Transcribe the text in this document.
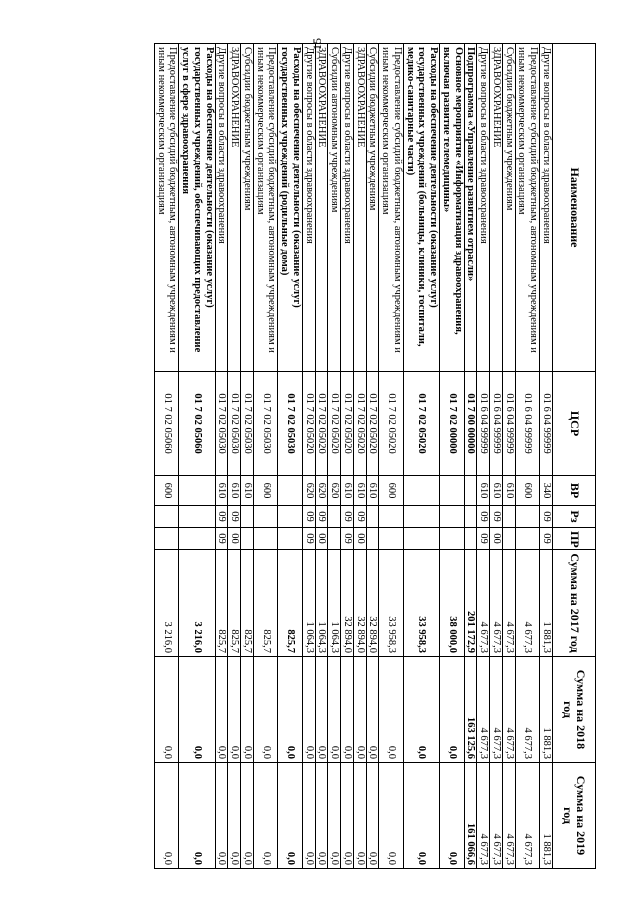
15
Наименование	ЦСР	ВР	Рз	ПР	Сумма на 2017 год	Сумма на 2018 год	Сумма на 2019 год
Другие вопросы в области здравоохранения	01 6 04 99999	340	09	09	1 881,3	1 881,3	1 881,3
Предоставление субсидий бюджетным, автономным учреждениям и иным некоммерческим организациям	01 6 04 99999	600			4 677,3	4 677,3	4 677,3
Субсидии бюджетным учреждениям	01 6 04 99999	610			4 677,3	4 677,3	4 677,3
ЗДРАВООХРАНЕНИЕ	01 6 04 99999	610	09	00	4 677,3	4 677,3	4 677,3
Другие вопросы в области здравоохранения	01 6 04 99999	610	09	09	4 677,3	4 677,3	4 677,3
Подпрограмма «Управление развитием отрасли»	01 7 00 00000				201 172,9	163 125,6	161 066,6
Основное мероприятие «Информатизация здравоохранения, включая развитие телемедицины»	01 7 02 00000				38 000,0	0,0	0,0
Расходы на обеспечение деятельности (оказание услуг) государственных учреждений (больницы, клиники, госпитали, медико-санитарные части)	01 7 02 05020				33 958,3	0,0	0,0
Предоставление субсидий бюджетным, автономным учреждениям и иным некоммерческим организациям	01 7 02 05020	600			33 958,3	0,0	0,0
Субсидии бюджетным учреждениям	01 7 02 05020	610			32 894,0	0,0	0,0
ЗДРАВООХРАНЕНИЕ	01 7 02 05020	610	09	00	32 894,0	0,0	0,0
Другие вопросы в области здравоохранения	01 7 02 05020	610	09	09	32 894,0	0,0	0,0
Субсидии автономным учреждениям	01 7 02 05020	620			1 064,3	0,0	0,0
ЗДРАВООХРАНЕНИЕ	01 7 02 05020	620	09	00	1 064,3	0,0	0,0
Другие вопросы в области здравоохранения	01 7 02 05020	620	09	09	1 064,3	0,0	0,0
Расходы на обеспечение деятельности (оказание услуг) государственных учреждений (родильные дома)	01 7 02 05030				825,7	0,0	0,0
Предоставление субсидий бюджетным, автономным учреждениям и иным некоммерческим организациям	01 7 02 05030	600			825,7	0,0	0,0
Субсидии бюджетным учреждениям	01 7 02 05030	610			825,7	0,0	0,0
ЗДРАВООХРАНЕНИЕ	01 7 02 05030	610	09	00	825,7	0,0	0,0
Другие вопросы в области здравоохранения	01 7 02 05030	610	09	09	825,7	0,0	0,0
Расходы на обеспечение деятельности (оказание услуг) государственных учреждений, обеспечивающих предоставление услуг в сфере здравоохранения	01 7 02 05060				3 216,0	0,0	0,0
Предоставление субсидий бюджетным, автономным учреждениям и иным некоммерческим организациям	01 7 02 05060	600			3 216,0	0,0	0,0
